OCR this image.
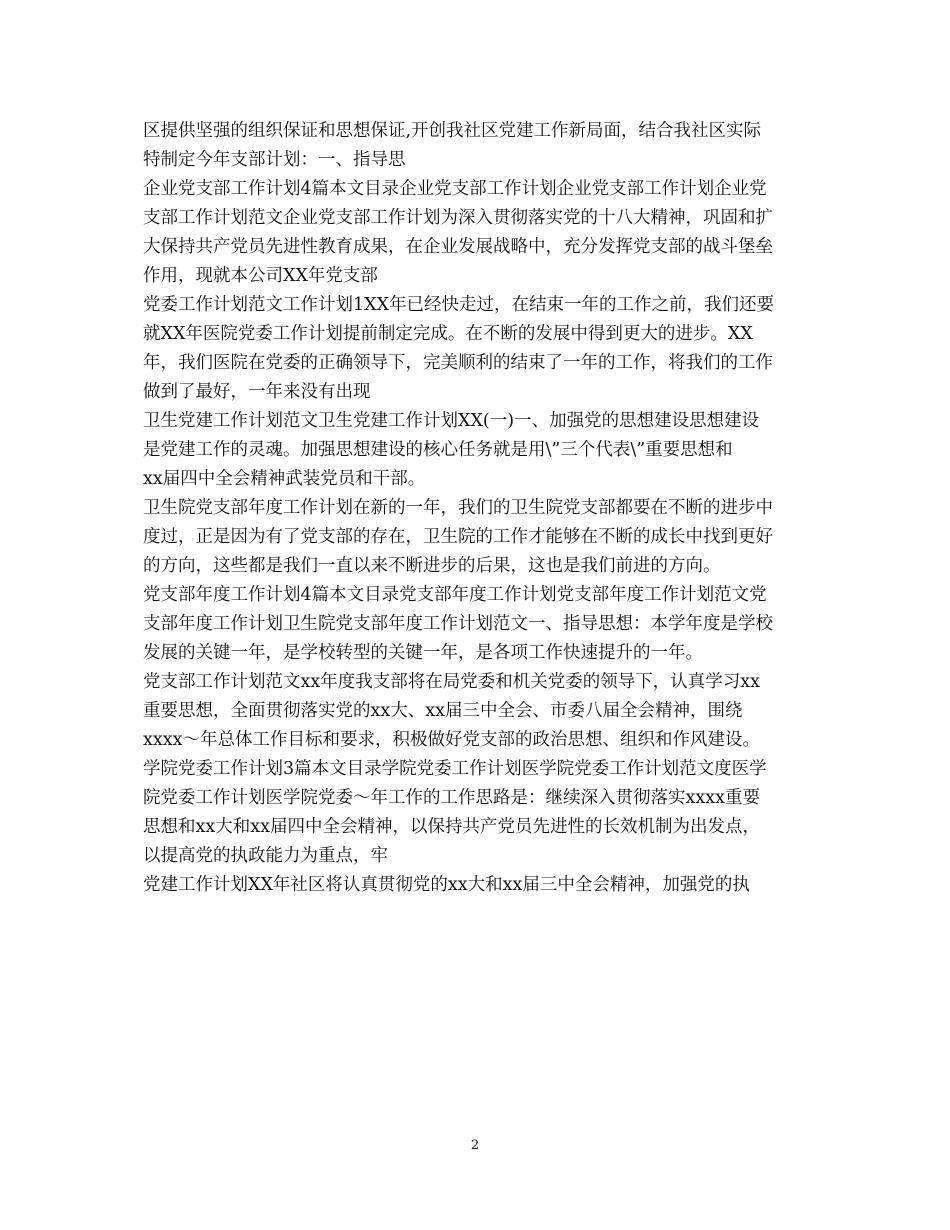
区提供坚强的组织保证和思想保证,开创我社区党建工作新局面，结合我社区实际
特制定今年支部计划：一、指导思
企业党支部工作计划4篇本文目录企业党支部工作计划企业党支部工作计划企业党
支部工作计划范文企业党支部工作计划为深入贯彻落实党的十八大精神，巩固和扩
大保持共产党员先进性教育成果，在企业发展战略中，充分发挥党支部的战斗堡垒
作用，现就本公司XX年党支部
党委工作计划范文工作计划1XX年已经快走过，在结束一年的工作之前，我们还要
就XX年医院党委工作计划提前制定完成。在不断的发展中得到更大的进步。XX
年，我们医院在党委的正确领导下，完美顺利的结束了一年的工作，将我们的工作
做到了最好，一年来没有出现
卫生党建工作计划范文卫生党建工作计划XX(一)一、加强党的思想建设思想建设
是党建工作的灵魂。加强思想建设的核心任务就是用\”三个代表\”重要思想和
xx届四中全会精神武装党员和干部。
卫生院党支部年度工作计划在新的一年，我们的卫生院党支部都要在不断的进步中
度过，正是因为有了党支部的存在，卫生院的工作才能够在不断的成长中找到更好
的方向，这些都是我们一直以来不断进步的后果，这也是我们前进的方向。
党支部年度工作计划4篇本文目录党支部年度工作计划党支部年度工作计划范文党
支部年度工作计划卫生院党支部年度工作计划范文一、指导思想：本学年度是学校
发展的关键一年，是学校转型的关键一年，是各项工作快速提升的一年。
党支部工作计划范文xx年度我支部将在局党委和机关党委的领导下，认真学习xx
重要思想，全面贯彻落实党的xx大、xx届三中全会、市委八届全会精神，围绕
xxxx～年总体工作目标和要求，积极做好党支部的政治思想、组织和作风建设。
学院党委工作计划3篇本文目录学院党委工作计划医学院党委工作计划范文度医学
院党委工作计划医学院党委～年工作的工作思路是：继续深入贯彻落实xxxx重要
思想和xx大和xx届四中全会精神，以保持共产党员先进性的长效机制为出发点，
以提高党的执政能力为重点，牢
党建工作计划XX年社区将认真贯彻党的xx大和xx届三中全会精神，加强党的执
2
